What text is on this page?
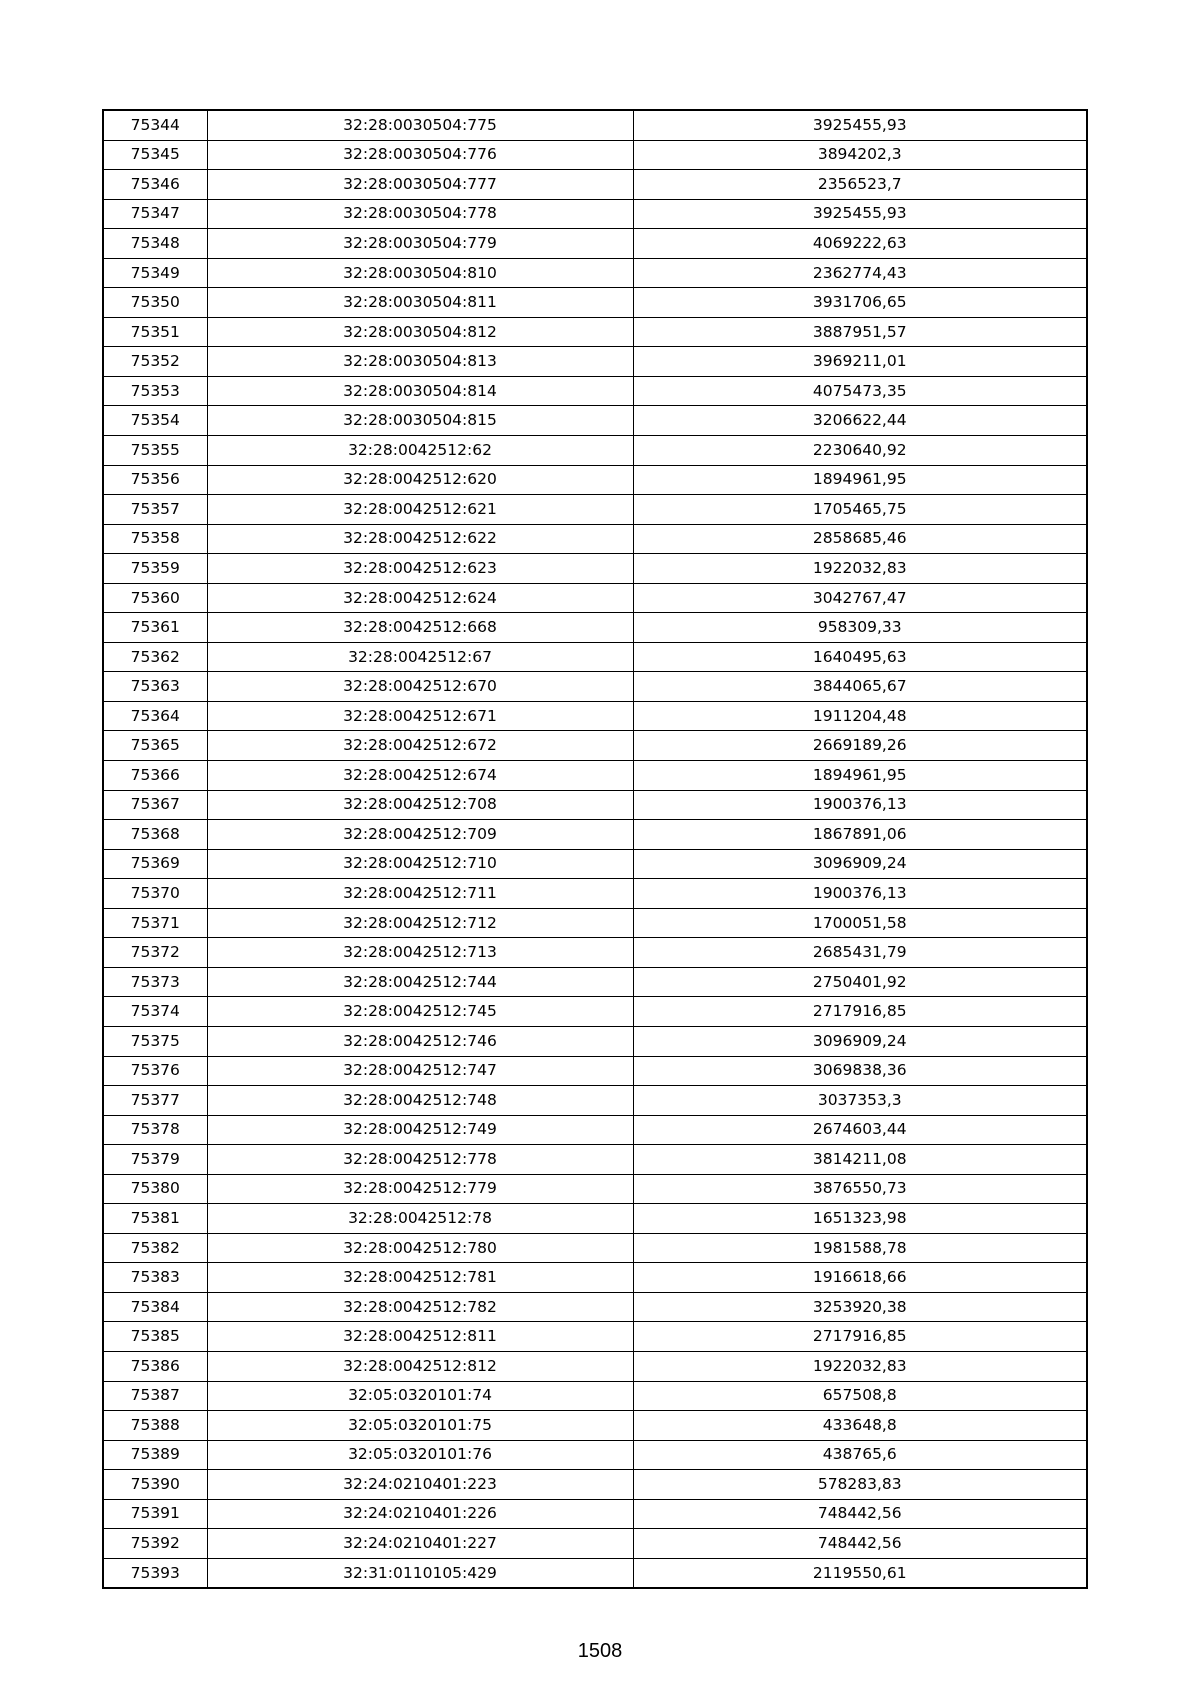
75344	32:28:0030504:775	3925455,93
75345	32:28:0030504:776	3894202,3
75346	32:28:0030504:777	2356523,7
75347	32:28:0030504:778	3925455,93
75348	32:28:0030504:779	4069222,63
75349	32:28:0030504:810	2362774,43
75350	32:28:0030504:811	3931706,65
75351	32:28:0030504:812	3887951,57
75352	32:28:0030504:813	3969211,01
75353	32:28:0030504:814	4075473,35
75354	32:28:0030504:815	3206622,44
75355	32:28:0042512:62	2230640,92
75356	32:28:0042512:620	1894961,95
75357	32:28:0042512:621	1705465,75
75358	32:28:0042512:622	2858685,46
75359	32:28:0042512:623	1922032,83
75360	32:28:0042512:624	3042767,47
75361	32:28:0042512:668	958309,33
75362	32:28:0042512:67	1640495,63
75363	32:28:0042512:670	3844065,67
75364	32:28:0042512:671	1911204,48
75365	32:28:0042512:672	2669189,26
75366	32:28:0042512:674	1894961,95
75367	32:28:0042512:708	1900376,13
75368	32:28:0042512:709	1867891,06
75369	32:28:0042512:710	3096909,24
75370	32:28:0042512:711	1900376,13
75371	32:28:0042512:712	1700051,58
75372	32:28:0042512:713	2685431,79
75373	32:28:0042512:744	2750401,92
75374	32:28:0042512:745	2717916,85
75375	32:28:0042512:746	3096909,24
75376	32:28:0042512:747	3069838,36
75377	32:28:0042512:748	3037353,3
75378	32:28:0042512:749	2674603,44
75379	32:28:0042512:778	3814211,08
75380	32:28:0042512:779	3876550,73
75381	32:28:0042512:78	1651323,98
75382	32:28:0042512:780	1981588,78
75383	32:28:0042512:781	1916618,66
75384	32:28:0042512:782	3253920,38
75385	32:28:0042512:811	2717916,85
75386	32:28:0042512:812	1922032,83
75387	32:05:0320101:74	657508,8
75388	32:05:0320101:75	433648,8
75389	32:05:0320101:76	438765,6
75390	32:24:0210401:223	578283,83
75391	32:24:0210401:226	748442,56
75392	32:24:0210401:227	748442,56
75393	32:31:0110105:429	2119550,61
1508
